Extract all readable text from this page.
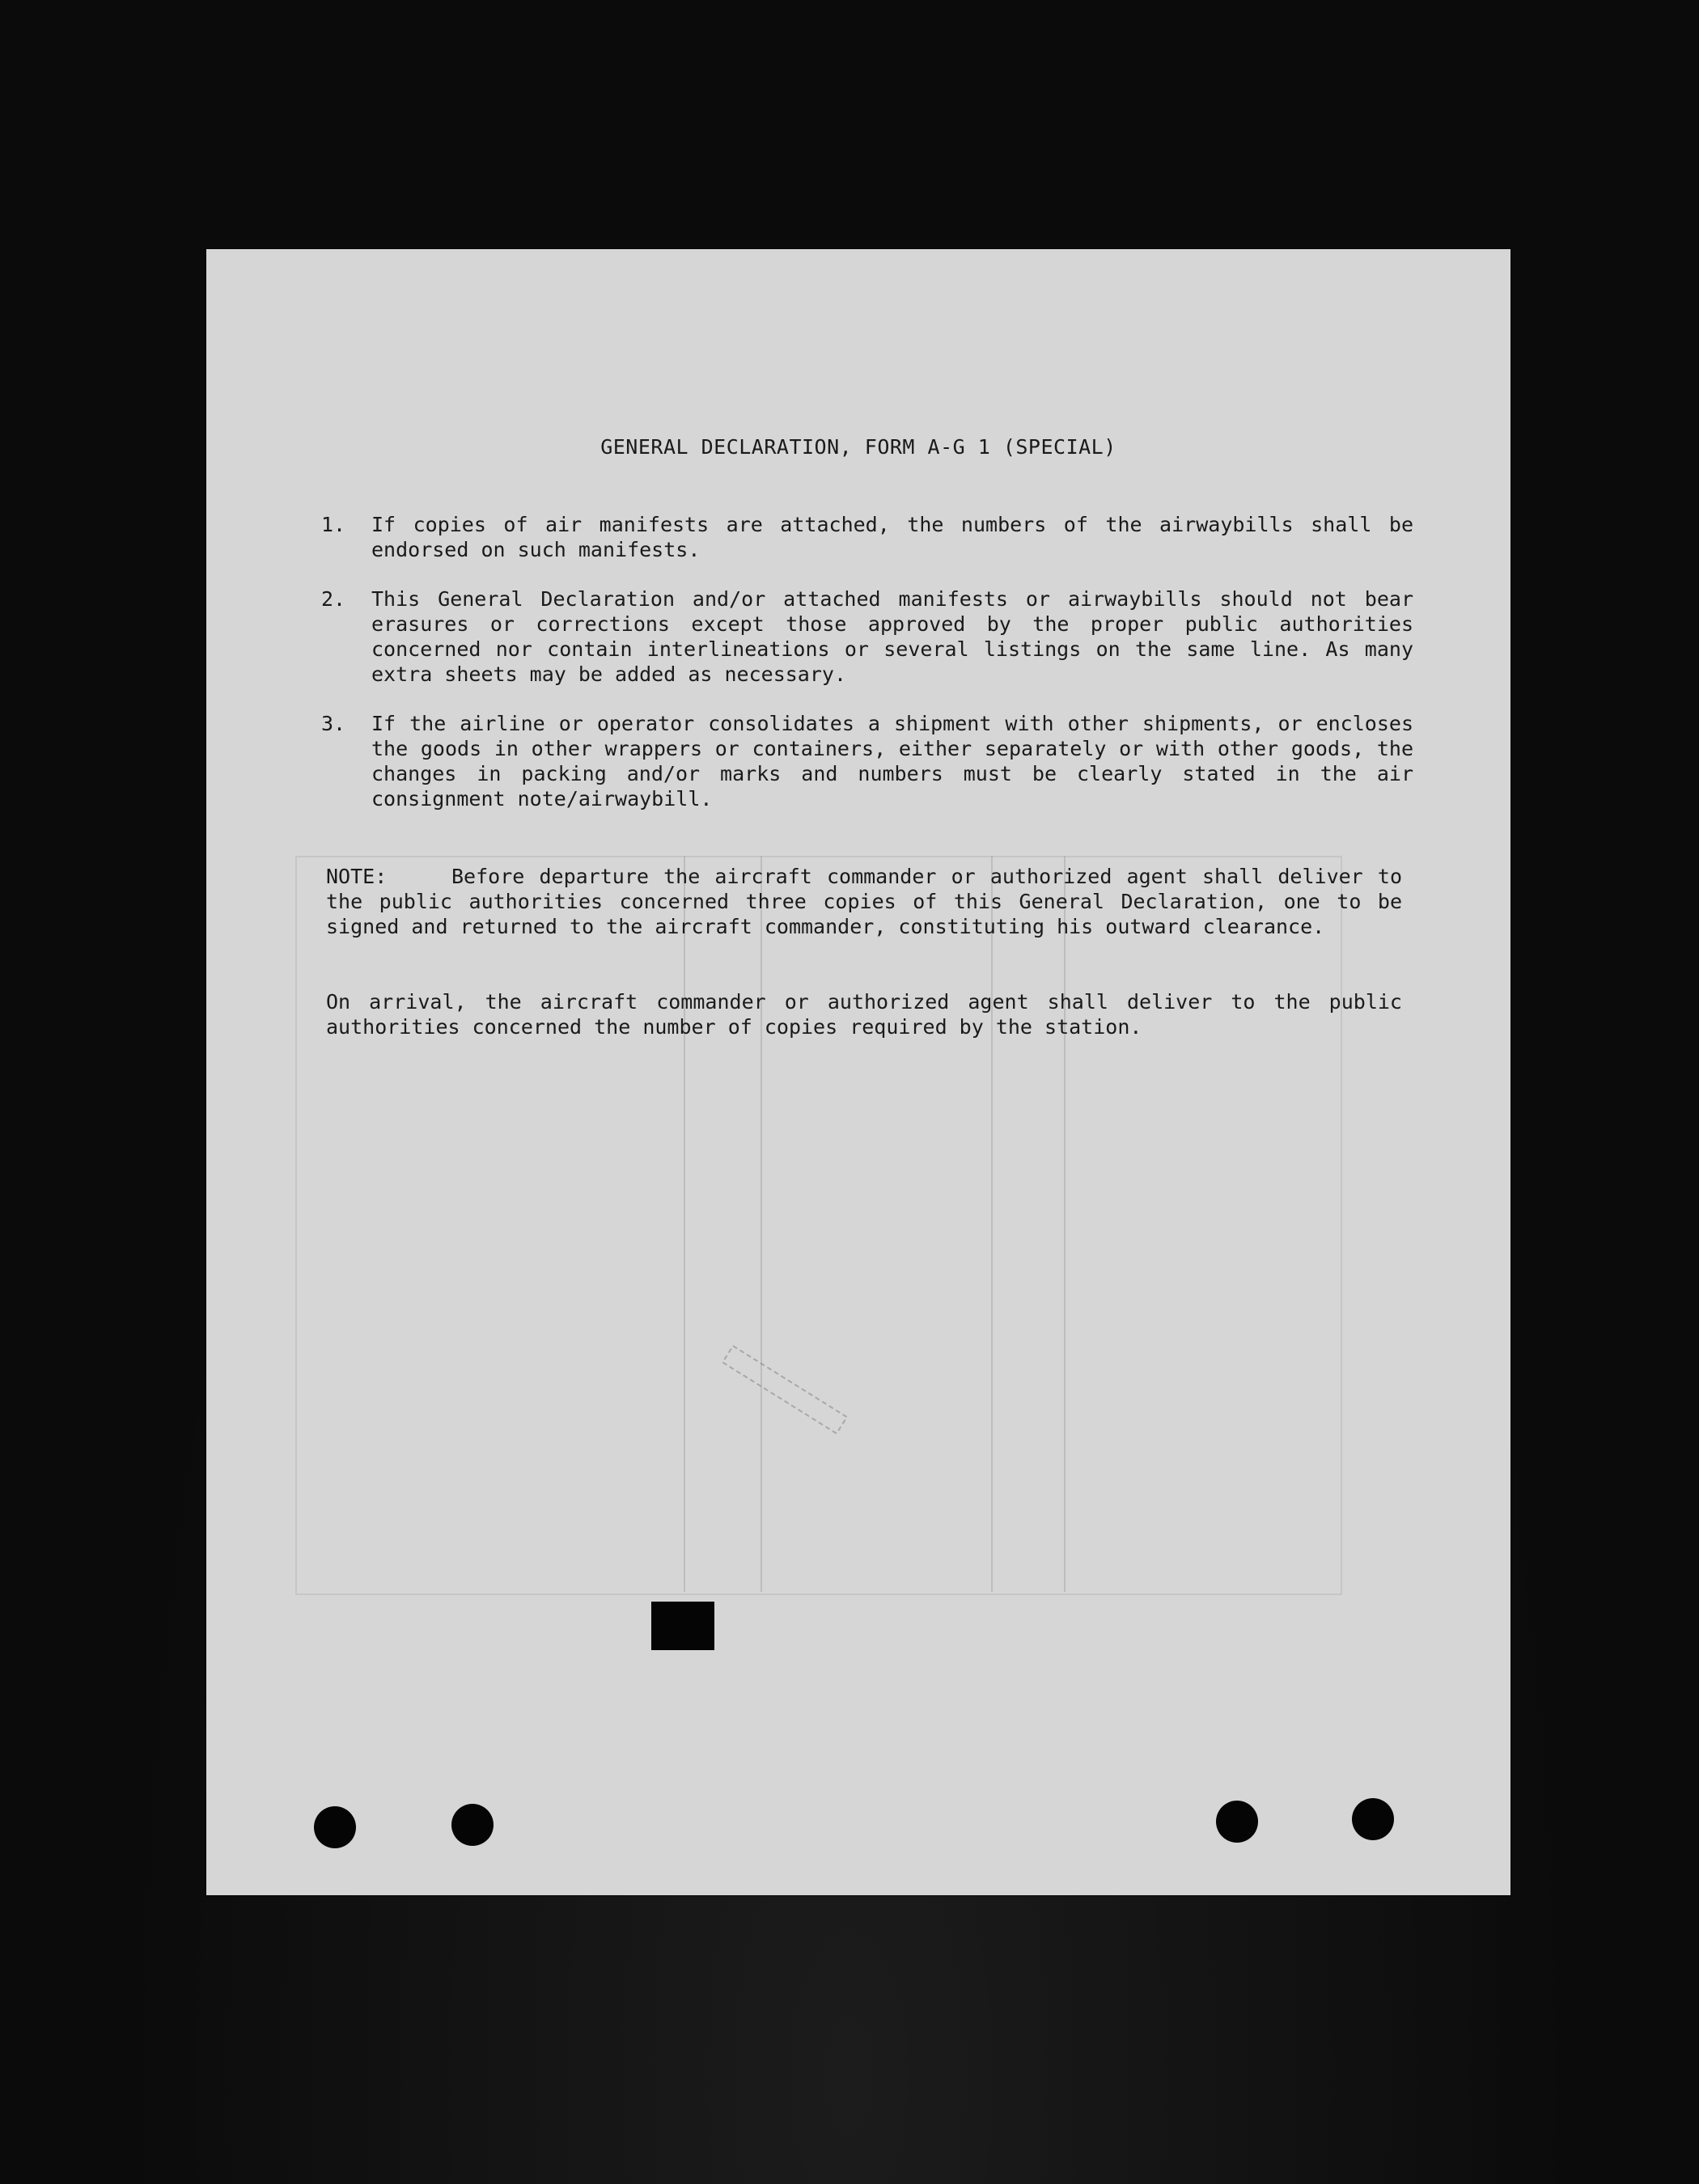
GENERAL DECLARATION, FORM A-G 1 (SPECIAL)
1.	If copies of air manifests are attached, the numbers of the airwaybills shall be endorsed on such manifests.
2.	This General Declaration and/or attached manifests or airwaybills should not bear erasures or corrections except those approved by the proper public authorities concerned nor contain interlineations or several listings on the same line. As many extra sheets may be added as necessary.
3.	If the airline or operator consolidates a shipment with other shipments, or encloses the goods in other wrappers or containers, either separately or with other goods, the changes in packing and/or marks and numbers must be clearly stated in the air consignment note/airwaybill.

NOTE:	Before departure the aircraft commander or authorized agent shall deliver to the public authorities concerned three copies of this General Declaration, one to be signed and returned to the aircraft commander, constituting his outward clearance.

On arrival, the aircraft commander or authorized agent shall deliver to the public authorities concerned the number of copies required by the station.
